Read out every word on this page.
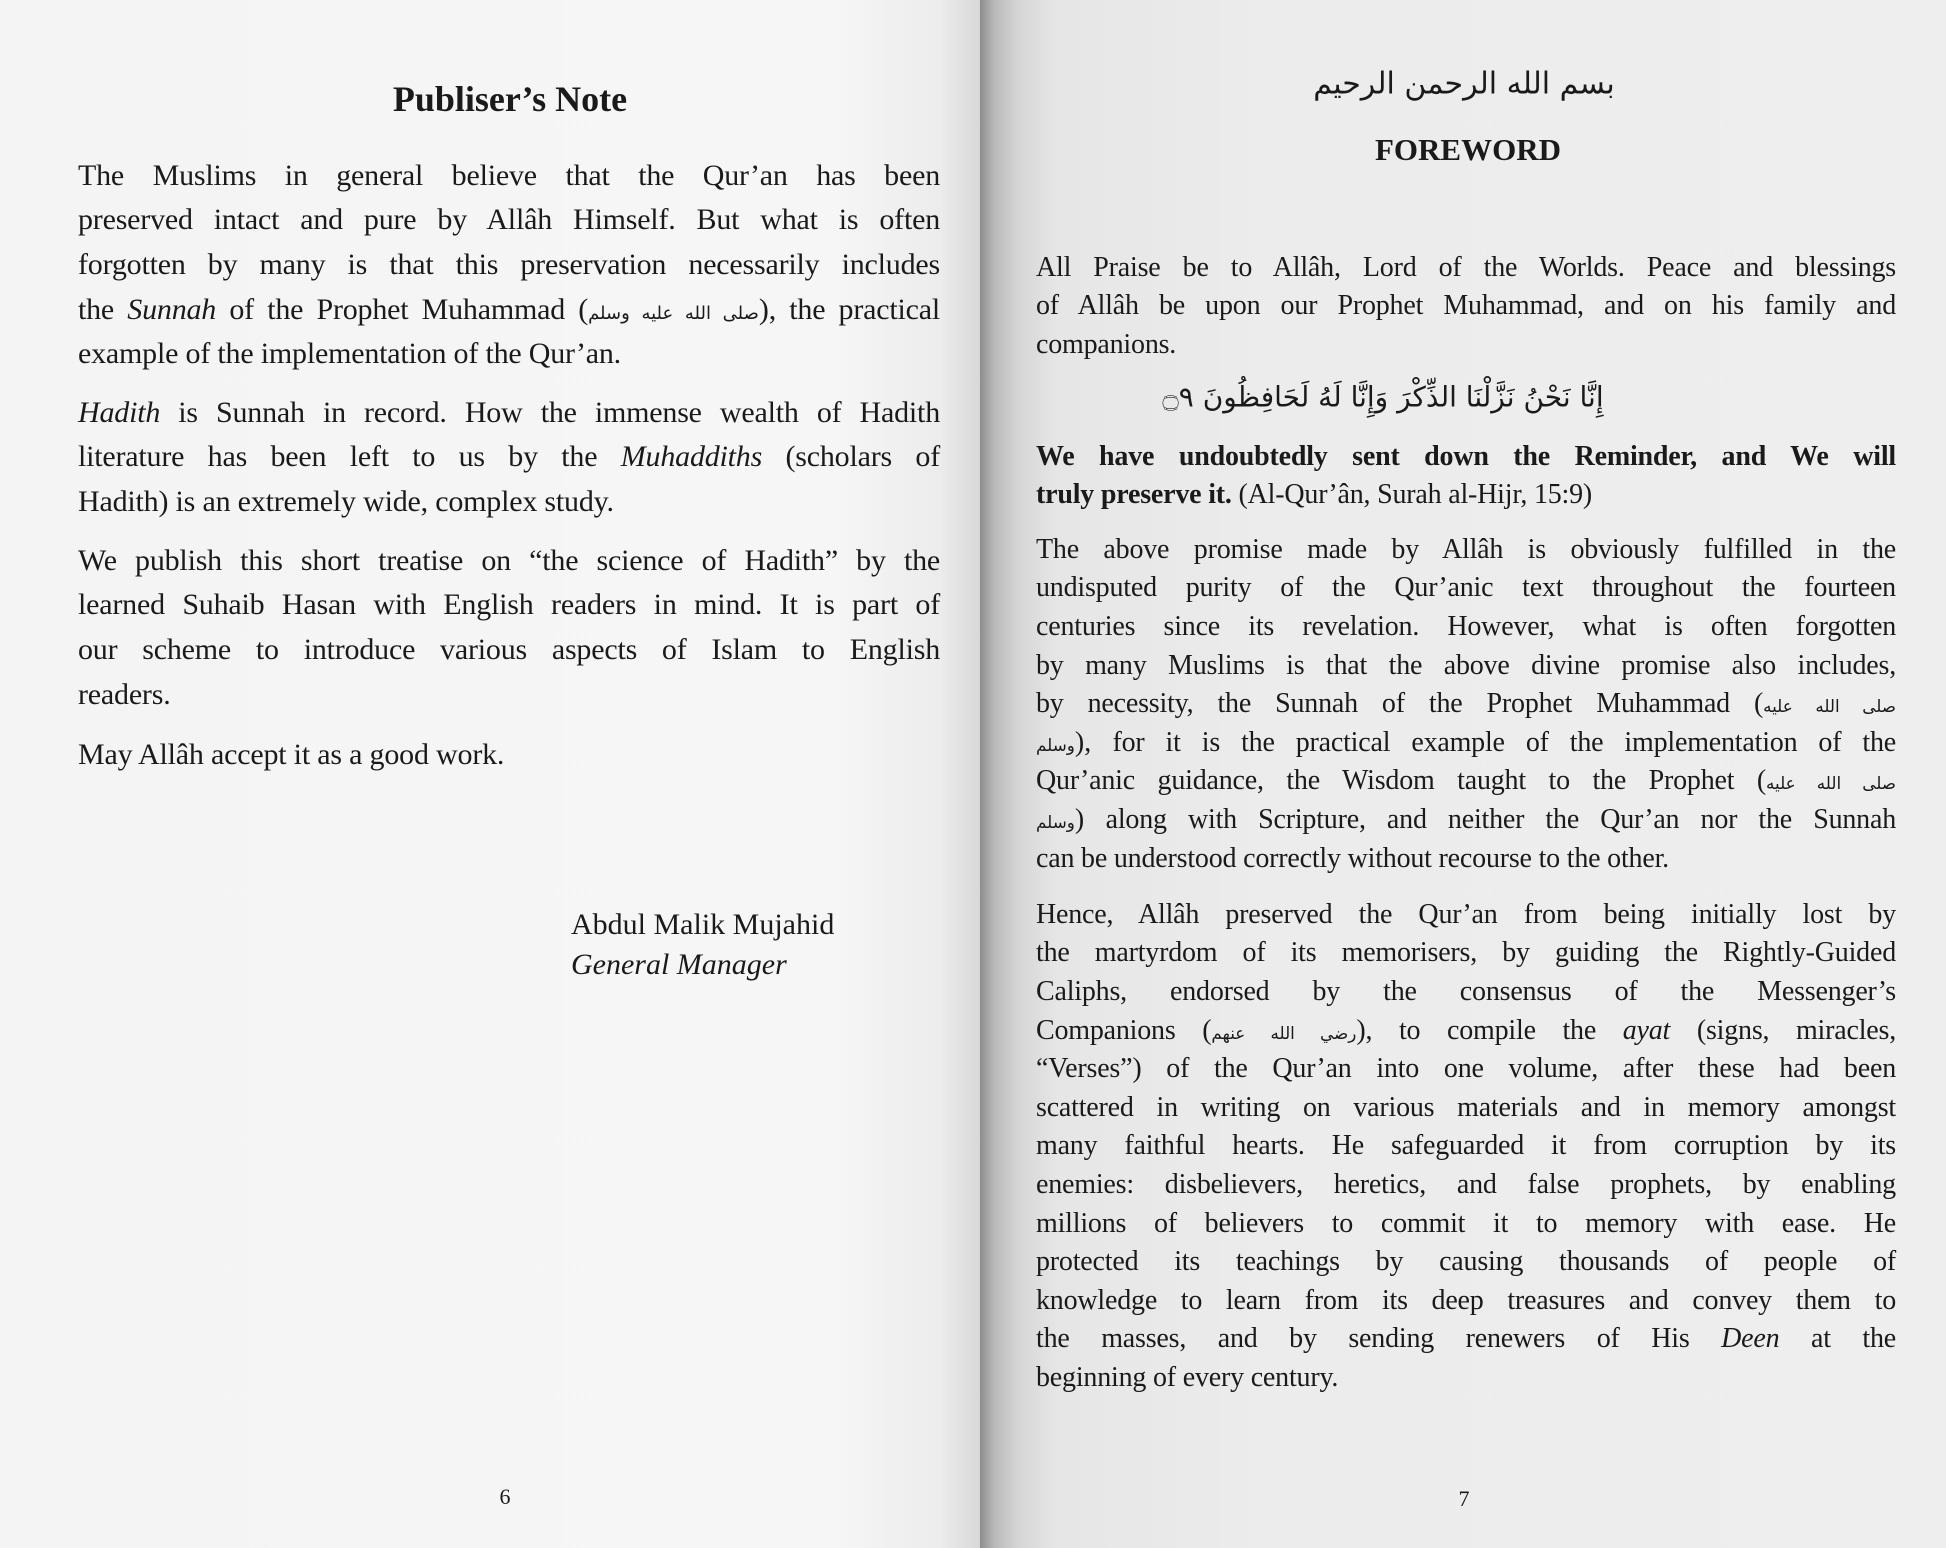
Publiser’s Note
The Muslims in general believe that the Qur’an has been
preserved intact and pure by Allâh Himself. But what is often
forgotten by many is that this preservation necessarily includes
the Sunnah of the Prophet Muhammad (صلى الله عليه وسلم), the practical
example of the implementation of the Qur’an.
Hadith is Sunnah in record. How the immense wealth of Hadith
literature has been left to us by the Muhaddiths (scholars of
Hadith) is an extremely wide, complex study.
We publish this short treatise on “the science of Hadith” by the
learned Suhaib Hasan with English readers in mind. It is part of
our scheme to introduce various aspects of Islam to English
readers.
May Allâh accept it as a good work.
Abdul Malik Mujahid
General Manager
6
بسم الله الرحمن الرحيم
FOREWORD
إِنَّا نَحْنُ نَزَّلْنَا الذِّكْرَ وَإِنَّا لَهُ لَحَافِظُونَ ۝٩
All Praise be to Allâh, Lord of the Worlds. Peace and blessings
of Allâh be upon our Prophet Muhammad, and on his family and
companions.
We have undoubtedly sent down the Reminder, and We will
truly preserve it. (Al-Qur’ân, Surah al-Hijr, 15:9)
The above promise made by Allâh is obviously fulfilled in the
undisputed purity of the Qur’anic text throughout the fourteen
centuries since its revelation. However, what is often forgotten
by many Muslims is that the above divine promise also includes,
by necessity, the Sunnah of the Prophet Muhammad (صلى الله عليه
وسلم), for it is the practical example of the implementation of the
Qur’anic guidance, the Wisdom taught to the Prophet (صلى الله عليه
وسلم) along with Scripture, and neither the Qur’an nor the Sunnah
can be understood correctly without recourse to the other.
Hence, Allâh preserved the Qur’an from being initially lost by
the martyrdom of its memorisers, by guiding the Rightly-Guided
Caliphs, endorsed by the consensus of the Messenger’s
Companions (رضي الله عنهم), to compile the ayat (signs, miracles,
“Verses”) of the Qur’an into one volume, after these had been
scattered in writing on various materials and in memory amongst
many faithful hearts. He safeguarded it from corruption by its
enemies: disbelievers, heretics, and false prophets, by enabling
millions of believers to commit it to memory with ease. He
protected its teachings by causing thousands of people of
knowledge to learn from its deep treasures and convey them to
the masses, and by sending renewers of His Deen at the
beginning of every century.
7
